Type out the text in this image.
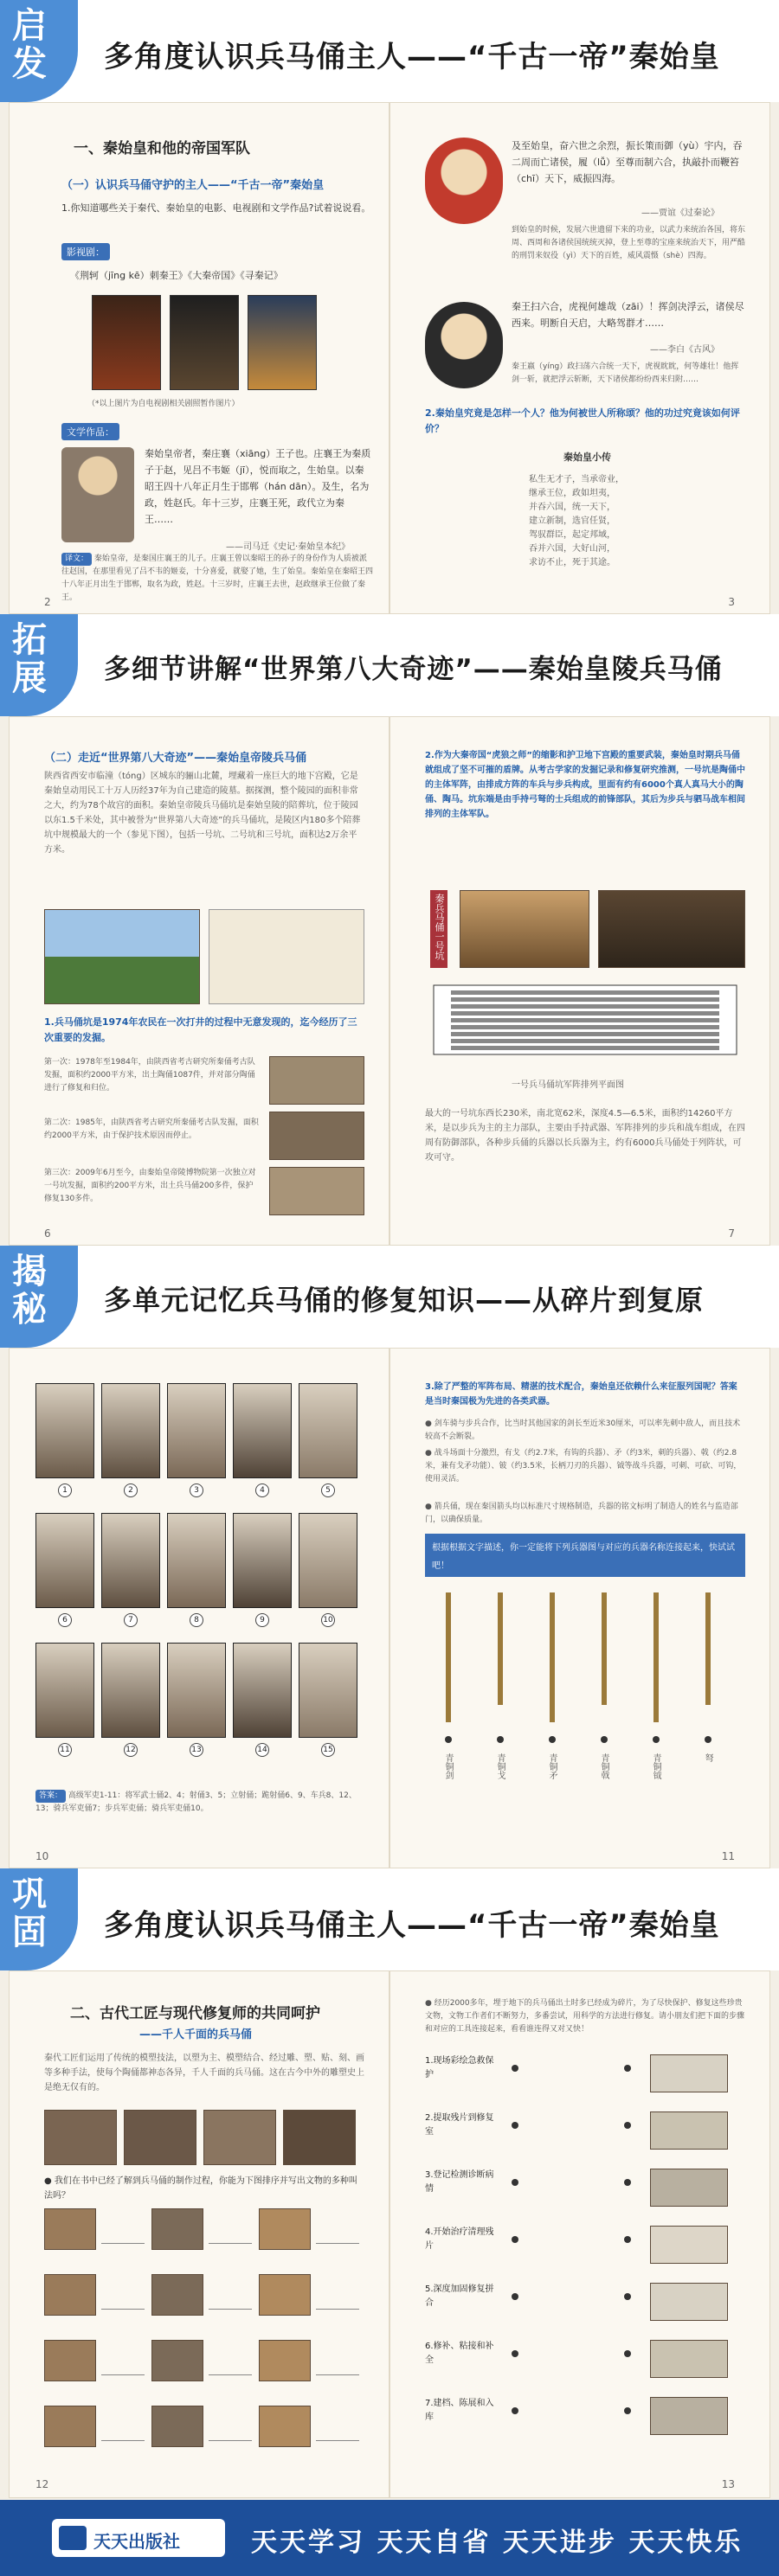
启发	多角度认识兵马俑主人——“千古一帝”秦始皇
一、秦始皇和他的帝国军队
（一）认识兵马俑守护的主人——“千古一帝”秦始皇
1.你知道哪些关于秦代、秦始皇的电影、电视剧和文学作品?试着说说看。
影视剧：
《荆轲（jīng kē）刺秦王》《大秦帝国》《寻秦记》
（*以上图片为自电视剧相关剧照暂作图片）
文学作品：
秦始皇帝者，秦庄襄（xiāng）王子也。庄襄王为秦质子于赵，见吕不韦姬（jī），悦而取之，生始皇。以秦昭王四十八年正月生于邯郸（hán dān）。及生，名为政，姓赵氏。年十三岁，庄襄王死，政代立为秦王……
——司马迁《史记·秦始皇本纪》
译文： 秦始皇帝，是秦国庄襄王的儿子。庄襄王曾以秦昭王的孙子的身份作为人质被派往赵国，在那里看见了吕不韦的姬妾，十分喜爱，就娶了她，生了始皇。秦始皇在秦昭王四十八年正月出生于邯郸，取名为政，姓赵。十三岁时，庄襄王去世，赵政继承王位做了秦王。
2
及至始皇，奋六世之余烈，振长策而御（yù）宇内，吞二周而亡诸侯，履（lǚ）至尊而制六合，执敲扑而鞭笞（chī）天下，威振四海。
——贾谊《过秦论》
到始皇的时候，发展六世遗留下来的功业，以武力来统治各国，将东周、西周和各诸侯国统统灭掉，登上至尊的宝座来统治天下，用严酷的刑罚来奴役（yì）天下的百姓，威风震慑（shè）四海。
秦王扫六合，虎视何雄哉（zāi）！挥剑决浮云，诸侯尽西来。明断自天启，大略驾群才……
——李白《古风》
秦王嬴（yíng）政扫荡六合统一天下，虎视眈眈，何等雄壮！他挥剑一斩，就把浮云斩断，天下诸侯都纷纷西来归附……
2.秦始皇究竟是怎样一个人？他为何被世人所称颂？他的功过究竟该如何评价？
秦始皇小传
私生无才子，当承帝业，
继承王位，政如坦夷，
并吞六国，统一天下，
建立新制，选官任贤，
驾驭群臣，起定邦域，
吞并六国，大好山河，
求访不止，死于其途。
3
拓展	多细节讲解“世界第八大奇迹”——秦始皇陵兵马俑
（二）走近“世界第八大奇迹”——秦始皇帝陵兵马俑
陕西省西安市临潼（tóng）区城东的骊山北麓，埋藏着一座巨大的地下宫殿，它是秦始皇动用民工十万人历经37年为自己建造的陵墓。据探测，整个陵园的面积非常之大，约为78个故宫的面积。秦始皇帝陵兵马俑坑是秦始皇陵的陪葬坑，位于陵园以东1.5千米处，其中被誉为“世界第八大奇迹”的兵马俑坑，是陵区内180多个陪葬坑中规模最大的一个（参见下图），包括一号坑、二号坑和三号坑，面积达2万余平方米。
1.兵马俑坑是1974年农民在一次打井的过程中无意发现的，迄今经历了三次重要的发掘。
第一次：1978年至1984年，由陕西省考古研究所秦俑考古队发掘，面积约2000平方米，出土陶俑1087件，并对部分陶俑进行了修复和归位。
第二次：1985年，由陕西省考古研究所秦俑考古队发掘，面积约2000平方米，由于保护技术原因而停止。
第三次：2009年6月至今，由秦始皇帝陵博物院第一次独立对一号坑发掘，面积约200平方米，出土兵马俑200多件，保护修复130多件。
6
2.作为大秦帝国“虎狼之师”的缩影和护卫地下宫殿的重要武装，秦始皇时期兵马俑就组成了坚不可摧的盾牌。从考古学家的发掘记录和修复研究推测，一号坑是陶俑中的主体军阵，由排成方阵的车兵与步兵构成，里面有约有6000个真人真马大小的陶俑、陶马。坑东端是由手持弓弩的士兵组成的前锋部队，其后为步兵与驷马战车相间排列的主体军队。
秦兵马俑一号坑
一号兵马俑坑军阵排列平面图
最大的一号坑东西长230米，南北宽62米，深度4.5—6.5米，面积约14260平方米，是以步兵为主的主力部队，主要由手持武器、军阵排列的步兵和战车组成，在四周有防御部队，各种步兵俑的兵器以长兵器为主，约有6000兵马俑处于列阵状，可攻可守。
7
揭秘	多单元记忆兵马俑的修复知识——从碎片到复原
1	2	3	4	5
6	7	8	9	10
11	12	13	14	15
答案： 高级军吏1-11：将军武士俑2、4；射俑3、5；立射俑；跪射俑6、9、车兵8、12、13；骑兵军吏俑7；步兵军吏俑；骑兵军吏俑10。
10
3.除了严整的军阵布局、精湛的技术配合，秦始皇还依赖什么来征服列国呢？答案是当时秦国极为先进的各类武器。
● 剑车骑与步兵合作，比当时其他国家的剑长至近米30厘米，可以率先刺中敌人，而且技术较高不会断裂。
● 战斗场面十分激烈，有戈（约2.7米，有钩的兵器）、矛（约3米，刺的兵器）、戟（约2.8米，兼有戈矛功能）、铍（约3.5米，长柄刀刃的兵器）、钺等战斗兵器，可刺、可砍、可钩，使用灵活。
● 箭兵俑，现在秦国箭头均以标准尺寸规格制造，兵器的铭文标明了制造人的姓名与监造部门，以确保质量。
根据根据文字描述，你一定能将下列兵器图与对应的兵器名称连接起来，快试试吧！
青铜剑	青铜戈	青铜矛	青铜戟	青铜钺	弩
11
巩固	多角度认识兵马俑主人——“千古一帝”秦始皇
二、古代工匠与现代修复师的共同呵护
——千人千面的兵马俑
秦代工匠们运用了传统的模塑技法，以塑为主、模塑结合、经过雕、塑、贴、刻、画等多种手法，使每个陶俑都神态各异，千人千面的兵马俑。这在古今中外的雕塑史上是绝无仅有的。
● 我们在书中已经了解到兵马俑的制作过程，你能为下图排序并写出文物的多种叫法吗？
12
● 经历2000多年，埋于地下的兵马俑出土时多已经成为碎片，为了尽快保护、修复这些珍贵文物，文物工作者们不断努力，多番尝试，用科学的方法进行修复。请小朋友们把下面的步骤和对应的工具连接起来，看看谁连得又对又快！
1.现场彩绘急救保护
2.提取残片到修复室
3.登记检测诊断病情
4.开始治疗清理残片
5.深度加固修复拼合
6.修补、粘接和补全
7.建档、陈展和入库
13
天天出版社	天天学习 天天自省 天天进步 天天快乐
